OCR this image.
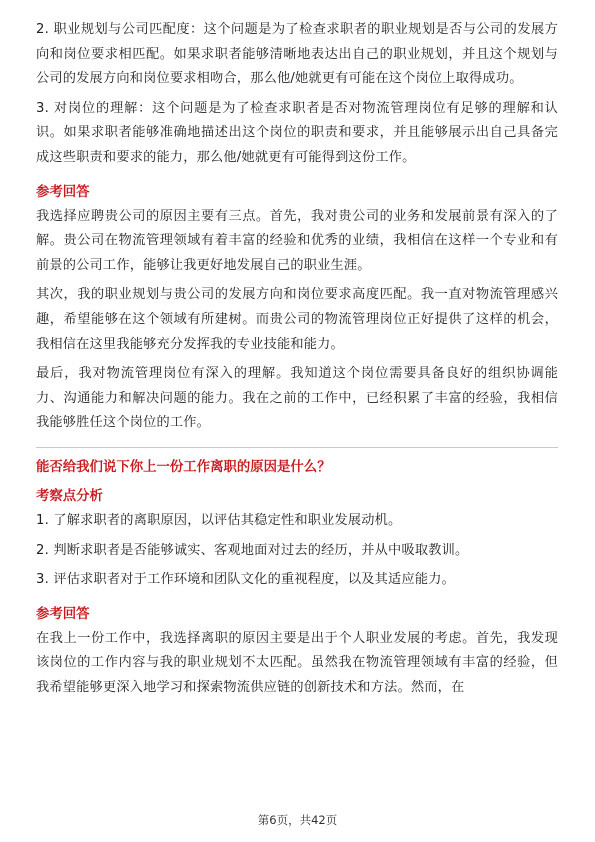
2. 职业规划与公司匹配度：这个问题是为了检查求职者的职业规划是否与公司的发展方向和岗位要求相匹配。如果求职者能够清晰地表达出自己的职业规划，并且这个规划与公司的发展方向和岗位要求相吻合，那么他/她就更有可能在这个岗位上取得成功。

3. 对岗位的理解：这个问题是为了检查求职者是否对物流管理岗位有足够的理解和认识。如果求职者能够准确地描述出这个岗位的职责和要求，并且能够展示出自己具备完成这些职责和要求的能力，那么他/她就更有可能得到这份工作。

参考回答

我选择应聘贵公司的原因主要有三点。首先，我对贵公司的业务和发展前景有深入的了解。贵公司在物流管理领域有着丰富的经验和优秀的业绩，我相信在这样一个专业和有前景的公司工作，能够让我更好地发展自己的职业生涯。

其次，我的职业规划与贵公司的发展方向和岗位要求高度匹配。我一直对物流管理感兴趣，希望能够在这个领域有所建树。而贵公司的物流管理岗位正好提供了这样的机会，我相信在这里我能够充分发挥我的专业技能和能力。

最后，我对物流管理岗位有深入的理解。我知道这个岗位需要具备良好的组织协调能力、沟通能力和解决问题的能力。我在之前的工作中，已经积累了丰富的经验，我相信我能够胜任这个岗位的工作。

能否给我们说下你上一份工作离职的原因是什么？

考察点分析

1. 了解求职者的离职原因，以评估其稳定性和职业发展动机。

2. 判断求职者是否能够诚实、客观地面对过去的经历，并从中吸取教训。

3. 评估求职者对于工作环境和团队文化的重视程度，以及其适应能力。

参考回答

在我上一份工作中，我选择离职的原因主要是出于个人职业发展的考虑。首先，我发现该岗位的工作内容与我的职业规划不太匹配。虽然我在物流管理领域有丰富的经验，但我希望能够更深入地学习和探索物流供应链的创新技术和方法。然而，在

第6页，共42页
